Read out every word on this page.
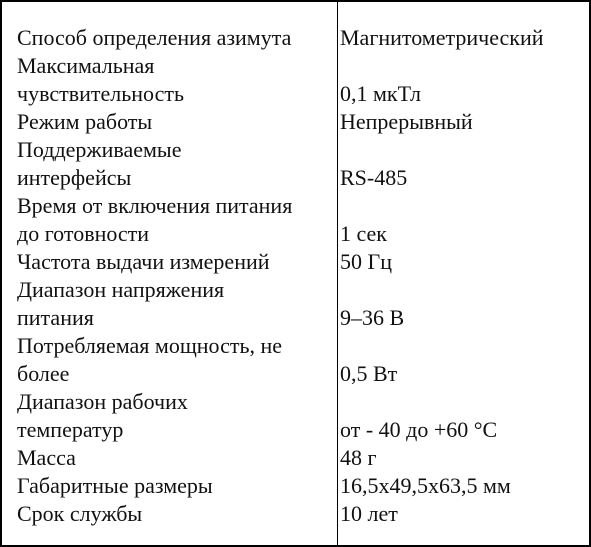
Способ определения азимута	Магнитометрический
Максимальная
чувствительность	0,1 мкТл
Режим работы	Непрерывный
Поддерживаемые
интерфейсы	RS-485
Время от включения питания
до готовности	1 сек
Частота выдачи измерений	50 Гц
Диапазон напряжения
питания	9–36 В
Потребляемая мощность, не
более	0,5 Вт
Диапазон рабочих
температур	от - 40 до +60 °С
Масса	48 г
Габаритные размеры	16,5х49,5х63,5 мм
Срок службы	10 лет
